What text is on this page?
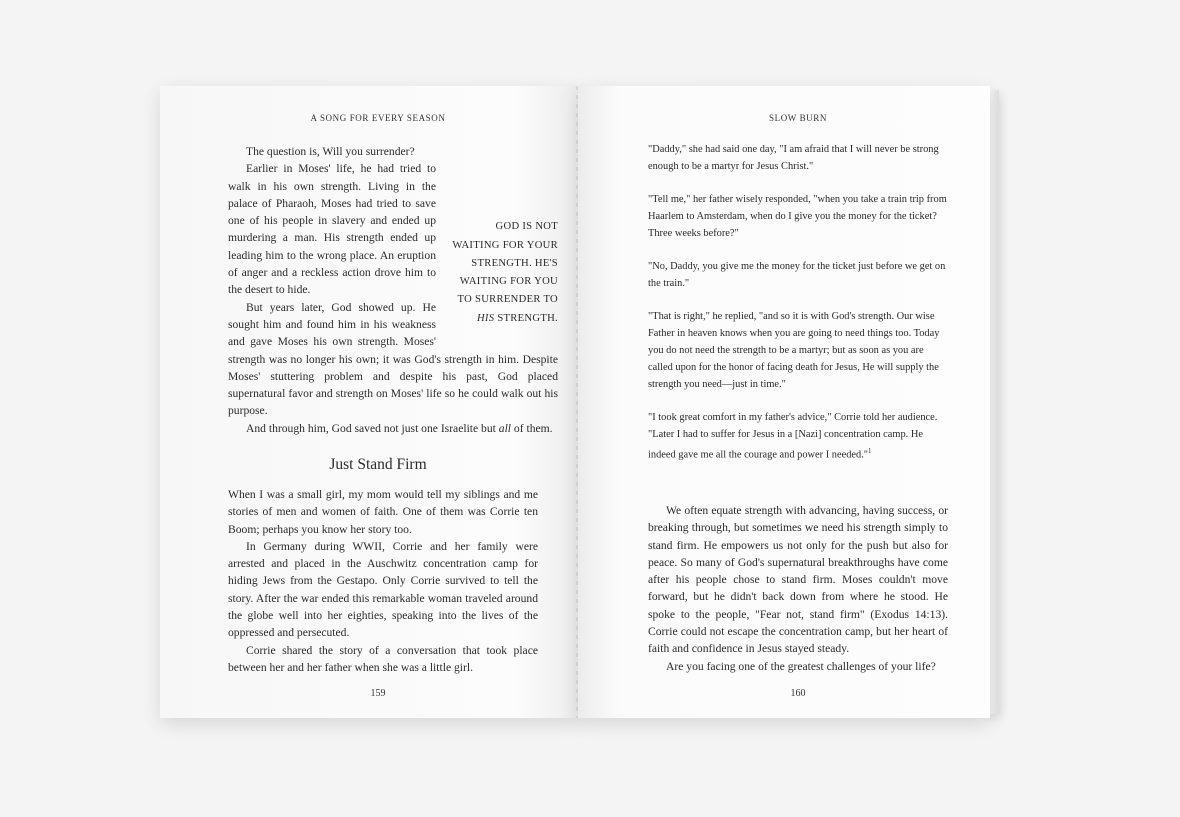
A SONG FOR EVERY SEASON

The question is, Will you surrender?

GOD IS NOT
WAITING FOR YOUR
STRENGTH. HE'S
WAITING FOR YOU
TO SURRENDER TO
HIS STRENGTH.

Earlier in Moses' life, he had tried to walk in his own strength. Living in the palace of Pharaoh, Moses had tried to save one of his people in slavery and ended up murdering a man. His strength ended up leading him to the wrong place. An eruption of anger and a reckless action drove him to the desert to hide.

But years later, God showed up. He sought him and found him in his weakness and gave Moses his own strength. Moses' strength was no longer his own; it was God's strength in him. Despite Moses' stuttering problem and despite his past, God placed supernatural favor and strength on Moses' life so he could walk out his purpose.

And through him, God saved not just one Israelite but all of them.

Just Stand Firm

When I was a small girl, my mom would tell my siblings and me stories of men and women of faith. One of them was Corrie ten Boom; perhaps you know her story too.

In Germany during WWII, Corrie and her family were arrested and placed in the Auschwitz concentration camp for hiding Jews from the Gestapo. Only Corrie survived to tell the story. After the war ended this remarkable woman traveled around the globe well into her eighties, speaking into the lives of the oppressed and persecuted.

Corrie shared the story of a conversation that took place between her and her father when she was a little girl.

159
SLOW BURN

"Daddy," she had said one day, "I am afraid that I will never be strong enough to be a martyr for Jesus Christ."

"Tell me," her father wisely responded, "when you take a train trip from Haarlem to Amsterdam, when do I give you the money for the ticket? Three weeks before?"

"No, Daddy, you give me the money for the ticket just before we get on the train."

"That is right," he replied, "and so it is with God's strength. Our wise Father in heaven knows when you are going to need things too. Today you do not need the strength to be a martyr; but as soon as you are called upon for the honor of facing death for Jesus, He will supply the strength you need—just in time."

"I took great comfort in my father's advice," Corrie told her audience. "Later I had to suffer for Jesus in a [Nazi] concentration camp. He indeed gave me all the courage and power I needed."$^1$

We often equate strength with advancing, having success, or breaking through, but sometimes we need his strength simply to stand firm. He empowers us not only for the push but also for peace. So many of God's supernatural breakthroughs have come after his people chose to stand firm. Moses couldn't move forward, but he didn't back down from where he stood. He spoke to the people, "Fear not, stand firm" (Exodus 14:13). Corrie could not escape the concentration camp, but her heart of faith and confidence in Jesus stayed steady.

Are you facing one of the greatest challenges of your life?

160
